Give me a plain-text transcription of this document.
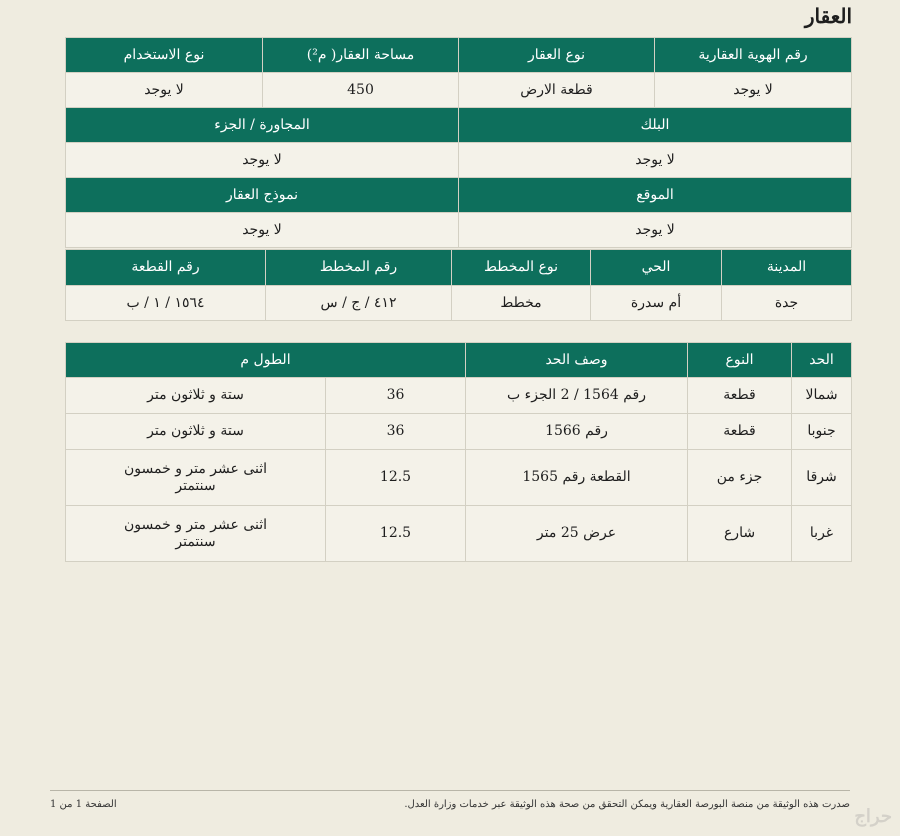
العقار
رقم الهوية العقارية	نوع العقار	مساحة العقار( م²)	نوع الاستخدام
لا يوجد	قطعة الارض	450	لا يوجد
البلك		المجاورة / الجزء	
لا يوجد		لا يوجد	
الموقع		نموذج العقار	
لا يوجد		لا يوجد	
المدينة	الحي	نوع المخطط	رقم المخطط	رقم القطعة
جدة	أم سدرة	مخطط	٤١٢ / ج / س	١٥٦٤ / ١ / ب
الحد	النوع	وصف الحد	الطول م	
شمالا	قطعة	رقم 1564 / 2 الجزء ب	36	ستة و ثلاثون متر
جنوبا	قطعة	رقم 1566	36	ستة و ثلاثون متر
شرقا	جزء من	القطعة رقم 1565	12.5	اثنى عشر متر و خمسون سنتمتر
غربا	شارع	عرض 25 متر	12.5	اثنى عشر متر و خمسون سنتمتر
صدرت هذه الوثيقة من منصة البورصة العقارية ويمكن التحقق من صحة هذه الوثيقة عبر خدمات وزارة العدل.
الصفحة 1 من 1
حراج
